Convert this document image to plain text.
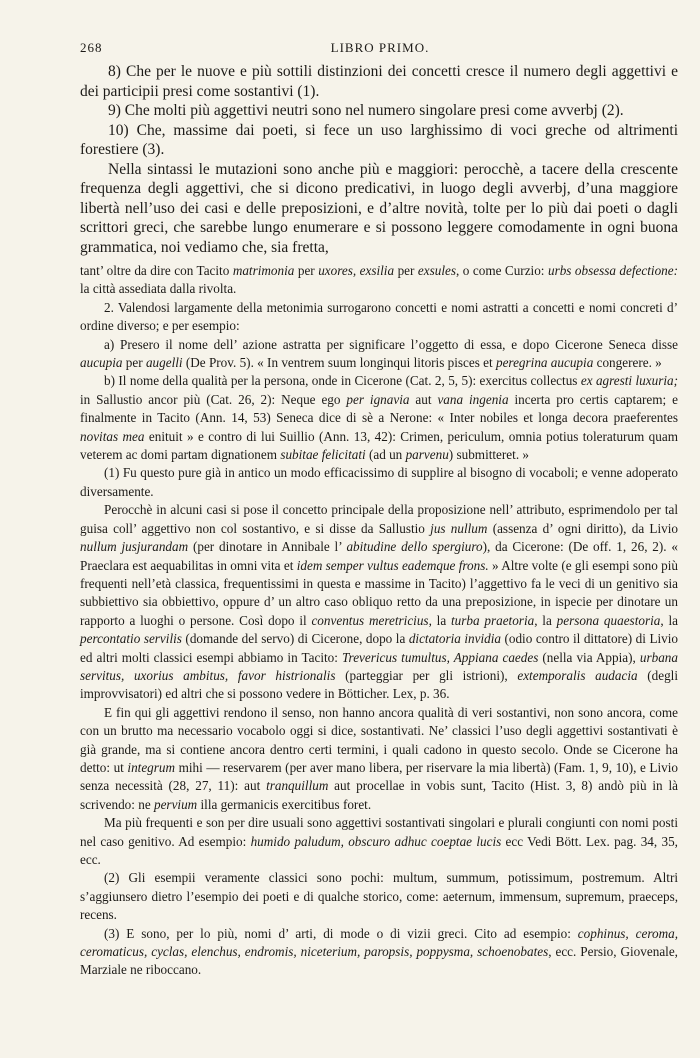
268	LIBRO PRIMO.

8) Che per le nuove e più sottili distinzioni dei concetti cresce il numero degli aggettivi e dei participii presi come sostantivi (1).

9) Che molti più aggettivi neutri sono nel numero singolare presi come avverbj (2).

10) Che, massime dai poeti, si fece un uso larghissimo di voci greche od altrimenti forestiere (3).

Nella sintassi le mutazioni sono anche più e maggiori: perocchè, a tacere della crescente frequenza degli aggettivi, che si dicono predicativi, in luogo degli avverbj, d’una maggiore libertà nell’uso dei casi e delle preposizioni, e d’altre novità, tolte per lo più dai poeti o dagli scrittori greci, che sarebbe lungo enumerare e si possono leggere comodamente in ogni buona grammatica, noi vediamo che, sia fretta,

tant’ oltre da dire con Tacito matrimonia per uxores, exsilia per exsules, o come Curzio: urbs obsessa defectione: la città assediata dalla rivolta.

2. Valendosi largamente della metonimia surrogarono concetti e nomi astratti a concetti e nomi concreti d’ ordine diverso; e per esempio:

a) Presero il nome dell’ azione astratta per significare l’oggetto di essa, e dopo Cicerone Seneca disse aucupia per augelli (De Prov. 5). « In ventrem suum longinqui litoris pisces et peregrina aucupia congerere. »

b) Il nome della qualità per la persona, onde in Cicerone (Cat. 2, 5, 5): exercitus collectus ex agresti luxuria; in Sallustio ancor più (Cat. 26, 2): Neque ego per ignavia aut vana ingenia incerta pro certis captarem; e finalmente in Tacito (Ann. 14, 53) Seneca dice di sè a Nerone: « Inter nobiles et longa decora praeferentes novitas mea enituit » e contro di lui Suillio (Ann. 13, 42): Crimen, periculum, omnia potius toleraturum quam veterem ac domi partam dignationem subitae felicitati (ad un parvenu) submitteret. »

(1) Fu questo pure già in antico un modo efficacissimo di supplire al bisogno di vocaboli; e venne adoperato diversamente.

Perocchè in alcuni casi si pose il concetto principale della proposizione nell’ attributo, esprimendolo per tal guisa coll’ aggettivo non col sostantivo, e si disse da Sallustio jus nullum (assenza d’ ogni diritto), da Livio nullum jusjurandam (per dinotare in Annibale l’ abitudine dello spergiuro), da Cicerone: (De off. 1, 26, 2). « Praeclara est aequabilitas in omni vita et idem semper vultus eademque frons. » Altre volte (e gli esempi sono più frequenti nell’età classica, frequentissimi in questa e massime in Tacito) l’aggettivo fa le veci di un genitivo sia subbiettivo sia obbiettivo, oppure d’ un altro caso obliquo retto da una preposizione, in ispecie per dinotare un rapporto a luoghi o persone. Così dopo il conventus meretricius, la turba praetoria, la persona quaestoria, la percontatio servilis (domande del servo) di Cicerone, dopo la dictatoria invidia (odio contro il dittatore) di Livio ed altri molti classici esempi abbiamo in Tacito: Trevericus tumultus, Appiana caedes (nella via Appia), urbana servitus, uxorius ambitus, favor histrionalis (parteggiar per gli istrioni), extemporalis audacia (degli improvvisatori) ed altri che si possono vedere in Bötticher. Lex, p. 36.

E fin qui gli aggettivi rendono il senso, non hanno ancora qualità di veri sostantivi, non sono ancora, come con un brutto ma necessario vocabolo oggi si dice, sostantivati. Ne’ classici l’uso degli aggettivi sostantivati è già grande, ma si contiene ancora dentro certi termini, i quali cadono in questo secolo. Onde se Cicerone ha detto: ut integrum mihi — reservarem (per aver mano libera, per riservare la mia libertà) (Fam. 1, 9, 10), e Livio senza necessità (28, 27, 11): aut tranquillum aut procellae in vobis sunt, Tacito (Hist. 3, 8) andò più in là scrivendo: ne pervium illa germanicis exercitibus foret.

Ma più frequenti e son per dire usuali sono aggettivi sostantivati singolari e plurali congiunti con nomi posti nel caso genitivo. Ad esempio: humido paludum, obscuro adhuc coeptae lucis ecc Vedi Bött. Lex. pag. 34, 35, ecc.

(2) Gli esempii veramente classici sono pochi: multum, summum, potissimum, postremum. Altri s’aggiunsero dietro l’esempio dei poeti e di qualche storico, come: aeternum, immensum, supremum, praeceps, recens.

(3) E sono, per lo più, nomi d’ arti, di mode o di vizii greci. Cito ad esempio: cophinus, ceroma, ceromaticus, cyclas, elenchus, endromis, niceterium, paropsis, poppysma, schoenobates, ecc. Persio, Giovenale, Marziale ne riboccano.
